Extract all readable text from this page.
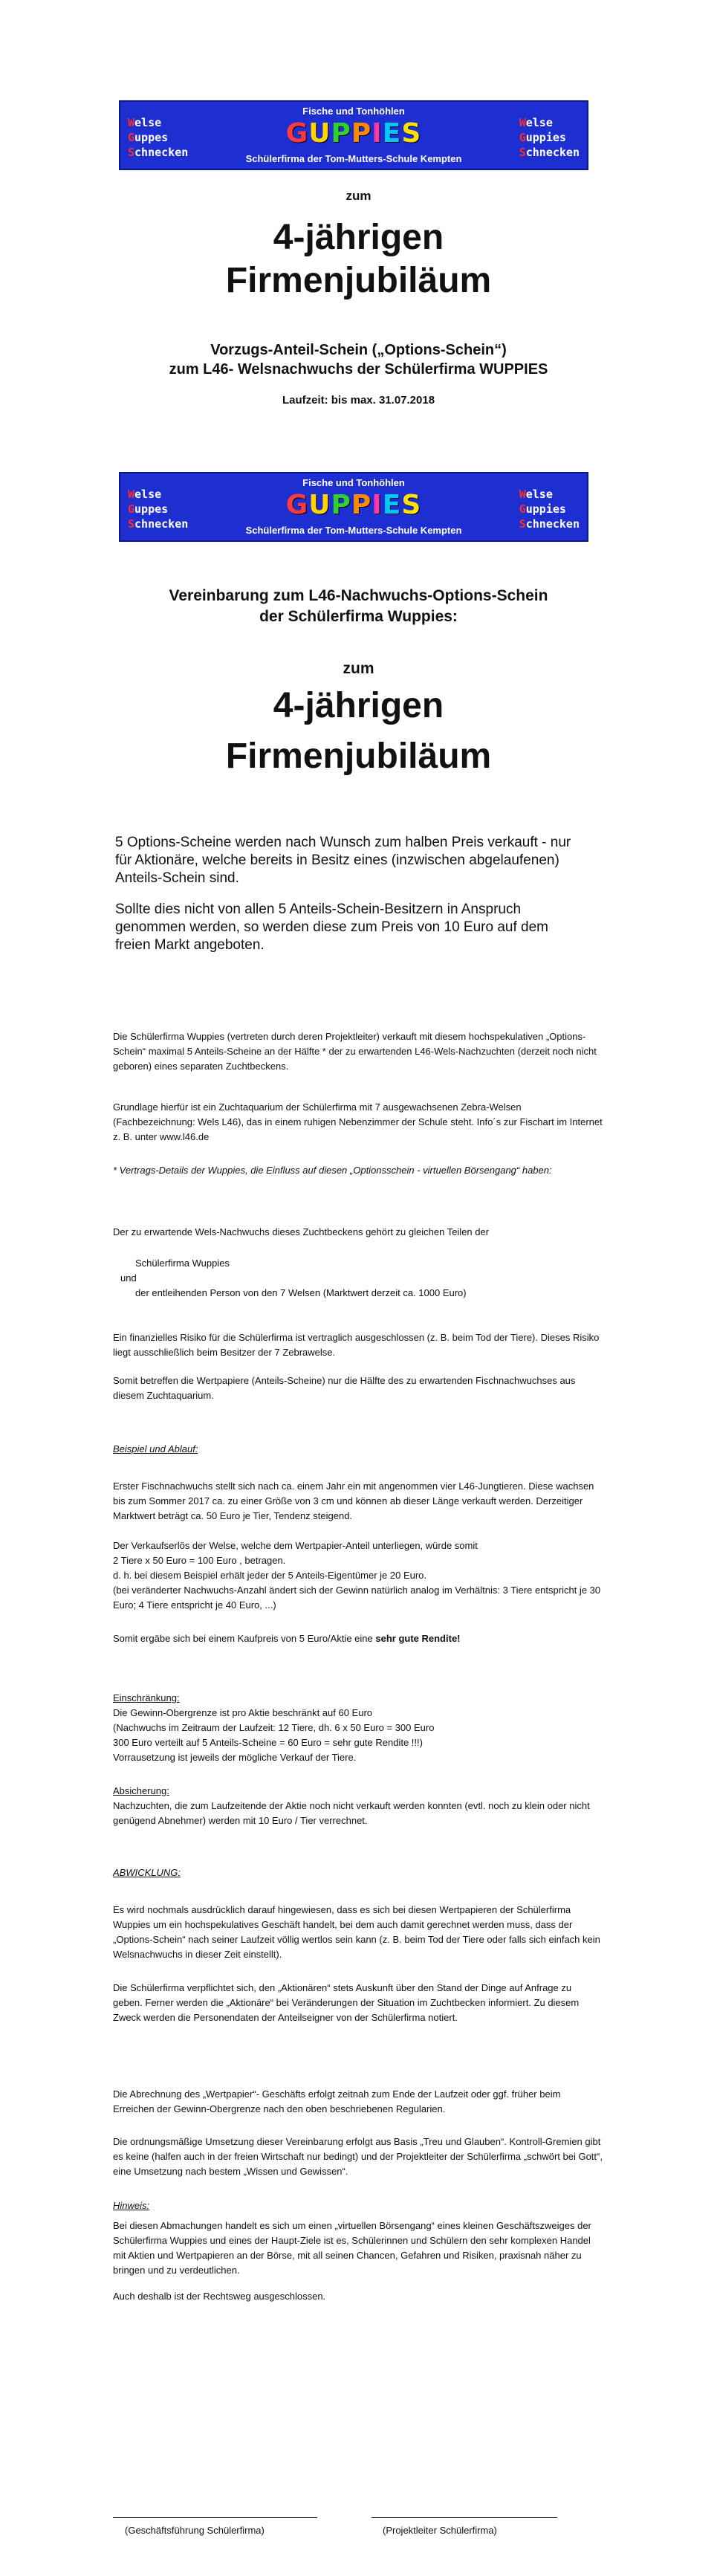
Fische und Tonhöhlen
Welse
Guppes
Schnecken
GUPPIES	Welse
Guppies
Schnecken
Schülerfirma der Tom-Mutters-Schule Kempten
zum
4-jährigen
Firmenjubiläum
Vorzugs-Anteil-Schein („Options-Schein“)
zum L46- Welsnachwuchs der Schülerfirma WUPPIES
Laufzeit: bis max. 31.07.2018
Fische und Tonhöhlen
Welse
Guppes
Schnecken
GUPPIES	Welse
Guppies
Schnecken
Schülerfirma der Tom-Mutters-Schule Kempten
Vereinbarung zum L46-Nachwuchs-Options-Schein
der Schülerfirma Wuppies:
zum
4-jährigen
Firmenjubiläum
5 Options-Scheine werden nach Wunsch zum halben Preis verkauft - nur für Aktionäre, welche bereits in Besitz eines (inzwischen abgelaufenen) Anteils-Schein sind.
Sollte dies nicht von allen 5 Anteils-Schein-Besitzern in Anspruch genommen werden, so werden diese zum Preis von 10 Euro auf dem freien Markt angeboten.
Die Schülerfirma Wuppies (vertreten durch deren Projektleiter) verkauft mit diesem hochspekulativen „Options-Schein“ maximal 5 Anteils-Scheine an der Hälfte * der zu erwartenden L46-Wels-Nachzuchten (derzeit noch nicht geboren) eines separaten Zuchtbeckens.
Grundlage hierfür ist ein Zuchtaquarium der Schülerfirma mit 7 ausgewachsenen Zebra-Welsen (Fachbezeichnung: Wels L46), das in einem ruhigen Nebenzimmer der Schule steht. Info´s zur Fischart im Internet z. B. unter www.l46.de
* Vertrags-Details der Wuppies, die Einfluss auf diesen „Optionsschein - virtuellen Börsengang“ haben:
Der zu erwartende Wels-Nachwuchs dieses Zuchtbeckens gehört zu gleichen Teilen der
Schülerfirma Wuppies
und
der entleihenden Person von den 7 Welsen (Marktwert derzeit ca. 1000 Euro)
Ein finanzielles Risiko für die Schülerfirma ist vertraglich ausgeschlossen (z. B. beim Tod der Tiere). Dieses Risiko liegt ausschließlich beim Besitzer der 7 Zebrawelse.
Somit betreffen die Wertpapiere (Anteils-Scheine) nur die Hälfte des zu erwartenden Fischnachwuchses aus diesem Zuchtaquarium.
Beispiel und Ablauf:
Erster Fischnachwuchs stellt sich nach ca. einem Jahr ein mit angenommen vier L46-Jungtieren. Diese wachsen bis zum Sommer 2017 ca. zu einer Größe von 3 cm und können ab dieser Länge verkauft werden. Derzeitiger Marktwert beträgt ca. 50 Euro je Tier, Tendenz steigend.
Der Verkaufserlös der Welse, welche dem Wertpapier-Anteil unterliegen, würde somit
2 Tiere x 50 Euro = 100 Euro , betragen.
d. h. bei diesem Beispiel erhält jeder der 5 Anteils-Eigentümer je 20 Euro.
(bei veränderter Nachwuchs-Anzahl ändert sich der Gewinn natürlich analog im Verhältnis: 3 Tiere entspricht je 30 Euro; 4 Tiere entspricht je 40 Euro, ...)
Somit ergäbe sich bei einem Kaufpreis von 5 Euro/Aktie eine sehr gute Rendite!
Einschränkung:
Die Gewinn-Obergrenze ist pro Aktie beschränkt auf 60 Euro
(Nachwuchs im Zeitraum der Laufzeit: 12 Tiere, dh. 6 x 50 Euro = 300 Euro
300 Euro verteilt auf 5 Anteils-Scheine = 60 Euro = sehr gute Rendite !!!)
Vorrausetzung ist jeweils der mögliche Verkauf der Tiere.
Absicherung:
Nachzuchten, die zum Laufzeitende der Aktie noch nicht verkauft werden konnten (evtl. noch zu klein oder nicht genügend Abnehmer) werden mit 10 Euro / Tier verrechnet.
ABWICKLUNG:
Es wird nochmals ausdrücklich darauf hingewiesen, dass es sich bei diesen Wertpapieren der Schülerfirma Wuppies um ein hochspekulatives Geschäft handelt, bei dem auch damit gerechnet werden muss, dass der „Options-Schein“ nach seiner Laufzeit völlig wertlos sein kann (z. B. beim Tod der Tiere oder falls sich einfach kein Welsnachwuchs in dieser Zeit einstellt).
Die Schülerfirma verpflichtet sich, den „Aktionären“ stets Auskunft über den Stand der Dinge auf Anfrage zu geben. Ferner werden die „Aktionäre“ bei Veränderungen der Situation im Zuchtbecken informiert. Zu diesem Zweck werden die Personendaten der Anteilseigner von der Schülerfirma notiert.
Die Abrechnung des „Wertpapier“- Geschäfts erfolgt zeitnah zum Ende der Laufzeit oder ggf. früher beim Erreichen der Gewinn-Obergrenze nach den oben beschriebenen Regularien.
Die ordnungsmäßige Umsetzung dieser Vereinbarung erfolgt aus Basis „Treu und Glauben“. Kontroll-Gremien gibt es keine (halfen auch in der freien Wirtschaft nur bedingt) und der Projektleiter der Schülerfirma „schwört bei Gott“, eine Umsetzung nach bestem „Wissen und Gewissen“.
Hinweis:
Bei diesen Abmachungen handelt es sich um einen „virtuellen Börsengang“ eines kleinen Geschäftszweiges der Schülerfirma Wuppies und eines der Haupt-Ziele ist es, Schülerinnen und Schülern den sehr komplexen Handel mit Aktien und Wertpapieren an der Börse, mit all seinen Chancen, Gefahren und Risiken, praxisnah näher zu bringen und zu verdeutlichen.
Auch deshalb ist der Rechtsweg ausgeschlossen.
(Geschäftsführung Schülerfirma)	(Projektleiter Schülerfirma)
